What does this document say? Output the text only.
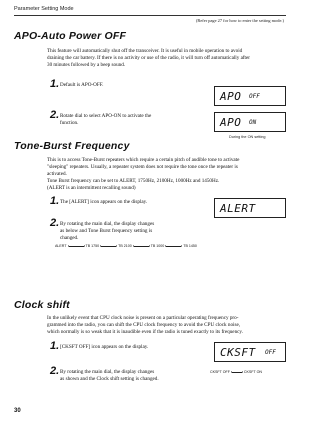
Parameter Setting Mode
(Refer page 27 for how to enter the setting mode.)
APO-Auto Power OFF
This feature will automatically shut off the transceiver. It is useful in mobile operation to avoid
draining the car battery. If there is no activity or use of the radio, it will turn off automatically after
30 minutes followed by a beep sound.
1. Default is APO-OFF.
2. Rotate dial to select APO-ON to activate the
function.
APO OFF
APO ON
During the ON setting
Tone-Burst Frequency
This is to access Tone-Burst repeaters which require a certain pitch of audible tone to activate
"sleeping" repeaters. Usually, a repeater system does not require the tone once the repeater is
activated.
Tone Burst frequency can be set to ALERT, 1750Hz, 2100Hz, 1000Hz and 1450Hz.
(ALERT is an intermittent recalling sound)
1. The [ALERT] icon appears on the display.
2. By rotating the main dial, the display changes
as below and Tone Burst frequency setting is
changed.
ALERT
ALERT	TB 1750	TB 2100	TB 1000	TB 1450
Clock shift
In the unlikely event that CPU clock noise is present on a particular operating frequency pro-
grammed into the radio, you can shift the CPU clock frequency to avoid the CPU clock noise,
which normally is so weak that it is inaudible even if the radio is tuned exactly to its frequency.
1. [CKSFT OFF] icon appears on the display.
2. By rotating the main dial, the display changes
as shown and the Clock shift setting is changed.
CKSFT OFF
CKSFT OFF	CKSFT ON
30
